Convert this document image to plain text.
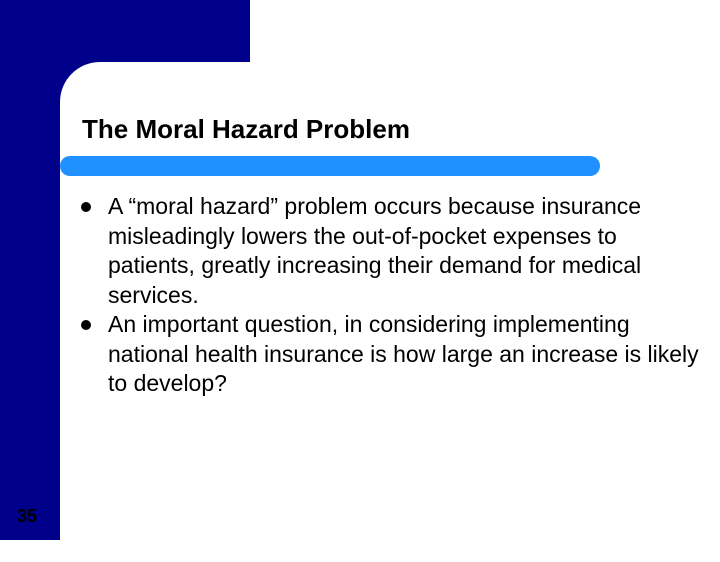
The Moral Hazard Problem
A “moral hazard” problem occurs because insurance misleadingly lowers the out-of-pocket expenses to patients, greatly increasing their demand for medical services.
An important question, in considering implementing national health insurance is how large an increase is likely to develop?
35
